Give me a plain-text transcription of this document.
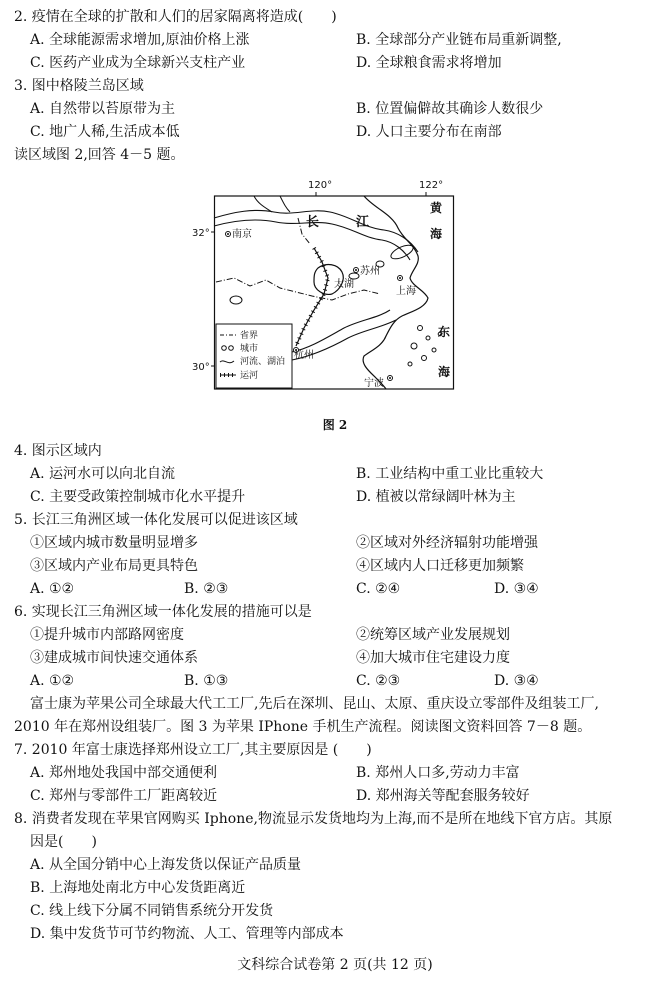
2. 疫情在全球的扩散和人们的居家隔离将造成(　　)
A. 全球能源需求增加,原油价格上涨	B. 全球部分产业链布局重新调整,
C. 医药产业成为全球新兴支柱产业	D. 全球粮食需求将增加
3. 图中格陵兰岛区域
A. 自然带以苔原带为主	B. 位置偏僻故其确诊人数很少
C. 地广人稀,生活成本低	D. 人口主要分布在南部
读区域图 2,回答 4－5 题。
120°	122°
32°
30°
南京
太湖
苏州
上海
杭州
宁波
长	江
黄
海
东
海
省界
城市
河流、湖泊
运河
图 2
4. 图示区域内
A. 运河水可以向北自流	B. 工业结构中重工业比重较大
C. 主要受政策控制城市化水平提升	D. 植被以常绿阔叶林为主
5. 长江三角洲区域一体化发展可以促进该区域
①区域内城市数量明显增多	②区域对外经济辐射功能增强
③区域内产业布局更具特色	④区域内人口迁移更加频繁
A. ①②	B. ②③	C. ②④	D. ③④
6. 实现长江三角洲区域一体化发展的措施可以是
①提升城市内部路网密度	②统筹区域产业发展规划
③建成城市间快速交通体系	④加大城市住宅建设力度
A. ①②	B. ①③	C. ②③	D. ③④
富士康为苹果公司全球最大代工工厂,先后在深圳、昆山、太原、重庆设立零部件及组装工厂,
2010 年在郑州设组装厂。图 3 为苹果 IPhone 手机生产流程。阅读图文资料回答 7－8 题。
7. 2010 年富士康选择郑州设立工厂,其主要原因是 (　　)
A. 郑州地处我国中部交通便利	B. 郑州人口多,劳动力丰富
C. 郑州与零部件工厂距离较近	D. 郑州海关等配套服务较好
8. 消费者发现在苹果官网购买 Iphone,物流显示发货地均为上海,而不是所在地线下官方店。其原
因是(　　)
A. 从全国分销中心上海发货以保证产品质量
B. 上海地处南北方中心发货距离近
C. 线上线下分属不同销售系统分开发货
D. 集中发货节可节约物流、人工、管理等内部成本
文科综合试卷第 2 页(共 12 页)
